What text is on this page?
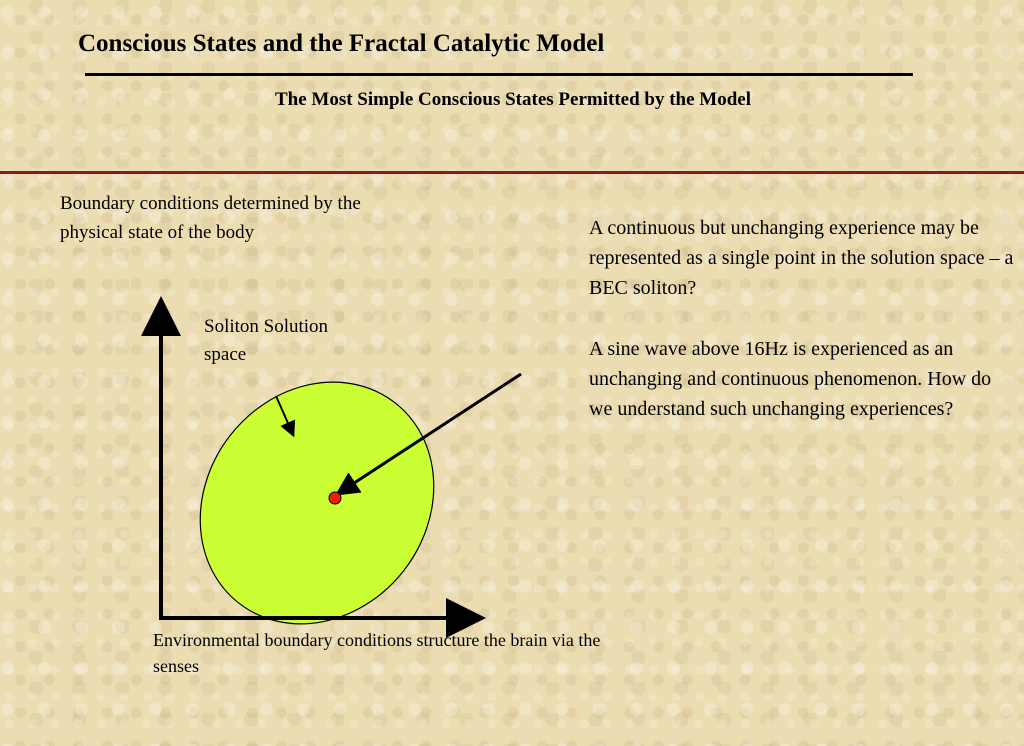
Conscious States and the Fractal Catalytic Model
The Most Simple Conscious States Permitted by the Model
Boundary conditions determined by the physical state of the body	A continuous but unchanging experience may be represented as a single point in the solution space – a BEC soliton?

A sine wave above 16Hz is experienced as an unchanging and continuous phenomenon. How do we understand such unchanging experiences?

Soliton Solution space
Environmental boundary conditions structure the brain via the senses
